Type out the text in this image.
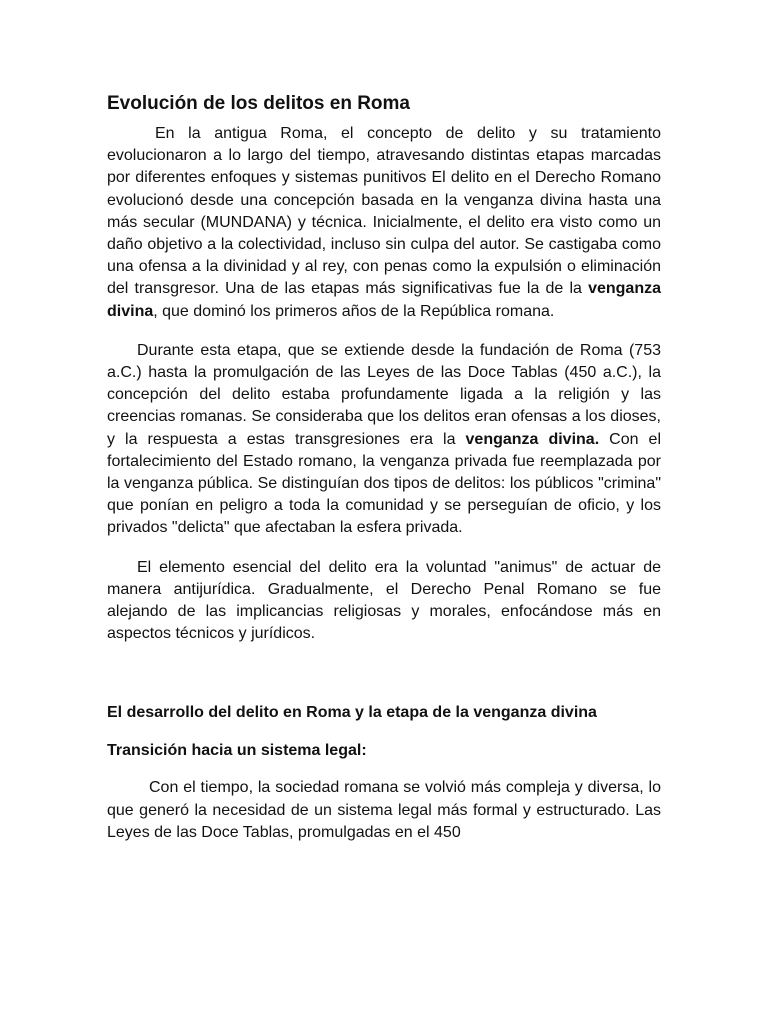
Evolución de los delitos en Roma

En la antigua Roma, el concepto de delito y su tratamiento evolucionaron a lo largo del tiempo, atravesando distintas etapas marcadas por diferentes enfoques y sistemas punitivos El delito en el Derecho Romano evolucionó desde una concepción basada en la venganza divina hasta una más secular (MUNDANA) y técnica. Inicialmente, el delito era visto como un daño objetivo a la colectividad, incluso sin culpa del autor. Se castigaba como una ofensa a la divinidad y al rey, con penas como la expulsión o eliminación del transgresor. Una de las etapas más significativas fue la de la venganza divina, que dominó los primeros años de la República romana.

Durante esta etapa, que se extiende desde la fundación de Roma (753 a.C.) hasta la promulgación de las Leyes de las Doce Tablas (450 a.C.), la concepción del delito estaba profundamente ligada a la religión y las creencias romanas. Se consideraba que los delitos eran ofensas a los dioses, y la respuesta a estas transgresiones era la venganza divina. Con el fortalecimiento del Estado romano, la venganza privada fue reemplazada por la venganza pública. Se distinguían dos tipos de delitos: los públicos "crimina" que ponían en peligro a toda la comunidad y se perseguían de oficio, y los privados "delicta" que afectaban la esfera privada.

El elemento esencial del delito era la voluntad "animus" de actuar de manera antijurídica. Gradualmente, el Derecho Penal Romano se fue alejando de las implicancias religiosas y morales, enfocándose más en aspectos técnicos y jurídicos.

El desarrollo del delito en Roma y la etapa de la venganza divina
Transición hacia un sistema legal:

Con el tiempo, la sociedad romana se volvió más compleja y diversa, lo que generó la necesidad de un sistema legal más formal y estructurado. Las Leyes de las Doce Tablas, promulgadas en el 450
